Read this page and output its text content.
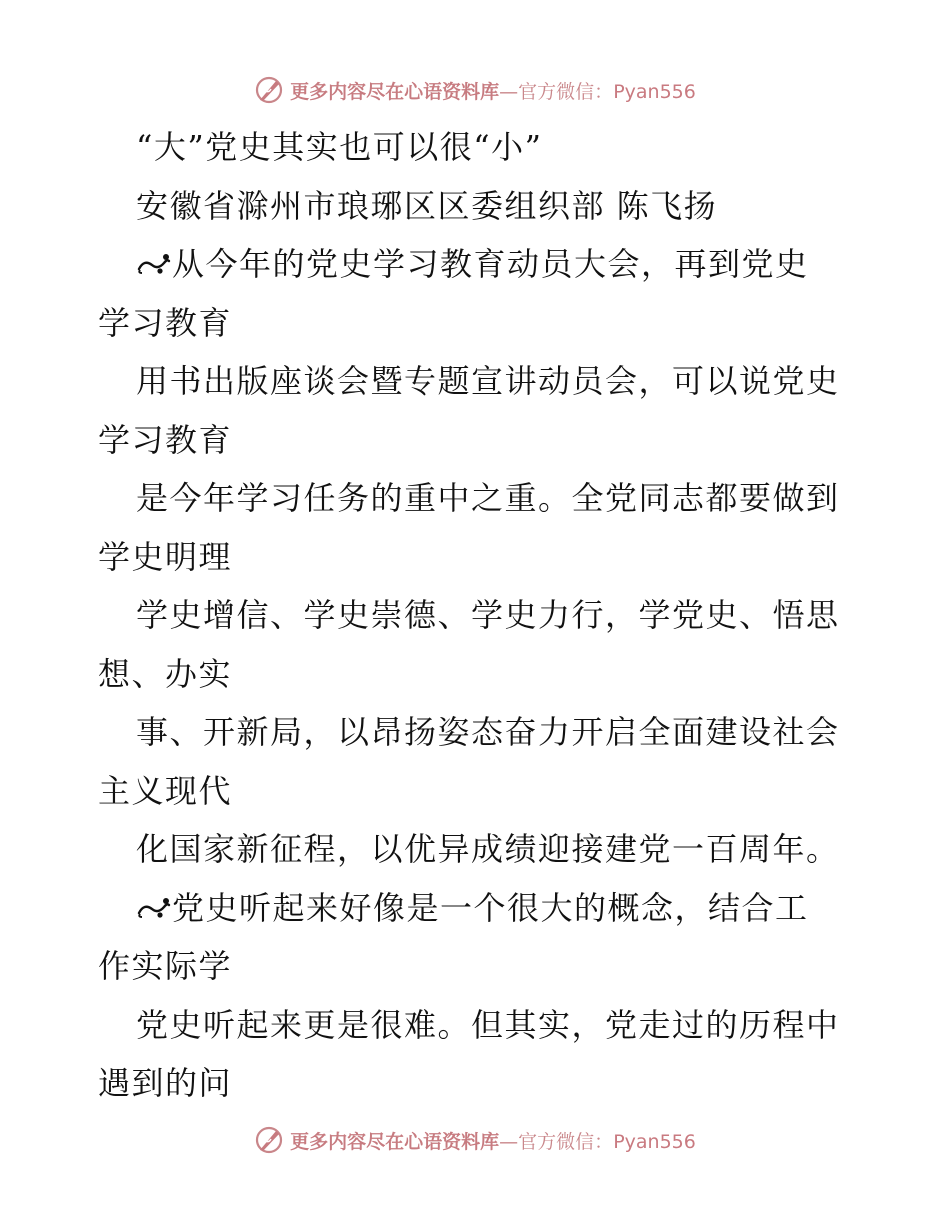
更多内容尽在心语资料库—官方微信：Pyan556
“大”党史其实也可以很“小”
安徽省滁州市琅琊区区委组织部 陈飞扬
从今年的党史学习教育动员大会，再到党史
学习教育
用书出版座谈会暨专题宣讲动员会，可以说党史
学习教育
是今年学习任务的重中之重。全党同志都要做到
学史明理
学史增信、学史崇德、学史力行，学党史、悟思
想、办实
事、开新局，以昂扬姿态奋力开启全面建设社会
主义现代
化国家新征程，以优异成绩迎接建党一百周年。
党史听起来好像是一个很大的概念，结合工
作实际学
党史听起来更是很难。但其实，党走过的历程中
遇到的问
更多内容尽在心语资料库—官方微信：Pyan556
